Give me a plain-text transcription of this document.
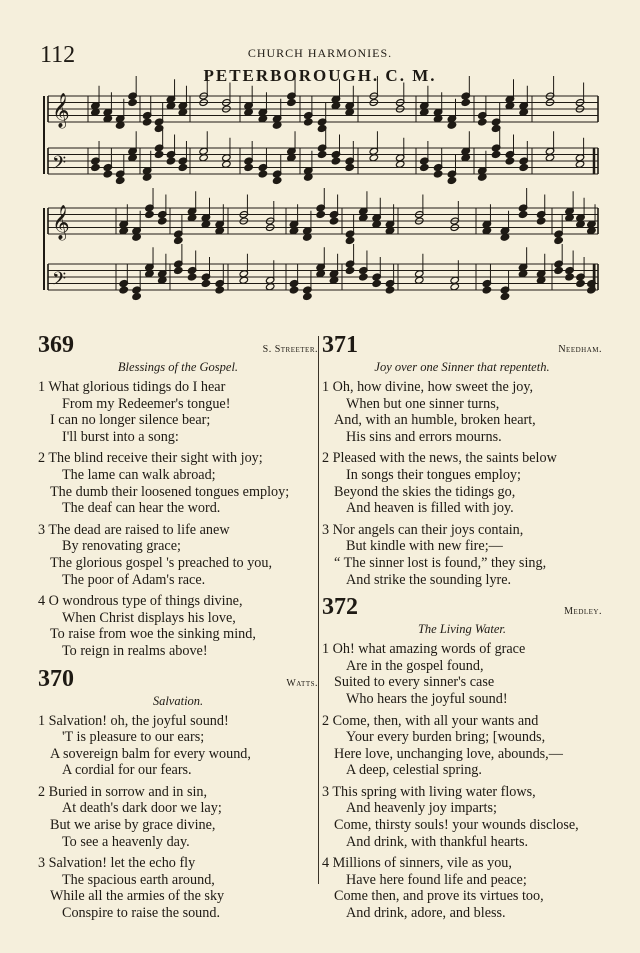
112	CHURCH HARMONIES.
PETERBOROUGH. C. M.
𝄞
𝄢
𝄞
𝄢
369	S. Streeter.
Blessings of the Gospel.
1 What glorious tidings do I hear
From my Redeemer's tongue!
I can no longer silence bear;
I'll burst into a song:
2 The blind receive their sight with joy;
The lame can walk abroad;
The dumb their loosened tongues employ;
The deaf can hear the word.
3 The dead are raised to life anew
By renovating grace;
The glorious gospel 's preached to you,
The poor of Adam's race.
4 O wondrous type of things divine,
When Christ displays his love,
To raise from woe the sinking mind,
To reign in realms above!
370	Watts.
Salvation.
1 Salvation! oh, the joyful sound!
'T is pleasure to our ears;
A sovereign balm for every wound,
A cordial for our fears.
2 Buried in sorrow and in sin,
At death's dark door we lay;
But we arise by grace divine,
To see a heavenly day.
3 Salvation! let the echo fly
The spacious earth around,
While all the armies of the sky
Conspire to raise the sound.
371	Needham.
Joy over one Sinner that repenteth.
1 Oh, how divine, how sweet the joy,
When but one sinner turns,
And, with an humble, broken heart,
His sins and errors mourns.
2 Pleased with the news, the saints below
In songs their tongues employ;
Beyond the skies the tidings go,
And heaven is filled with joy.
3 Nor angels can their joys contain,
But kindle with new fire;—
“ The sinner lost is found,” they sing,
And strike the sounding lyre.
372	Medley.
The Living Water.
1 Oh! what amazing words of grace
Are in the gospel found,
Suited to every sinner's case
Who hears the joyful sound!
2 Come, then, with all your wants and
Your every burden bring; [wounds,
Here love, unchanging love, abounds,—
A deep, celestial spring.
3 This spring with living water flows,
And heavenly joy imparts;
Come, thirsty souls! your wounds disclose,
And drink, with thankful hearts.
4 Millions of sinners, vile as you,
Have here found life and peace;
Come then, and prove its virtues too,
And drink, adore, and bless.
